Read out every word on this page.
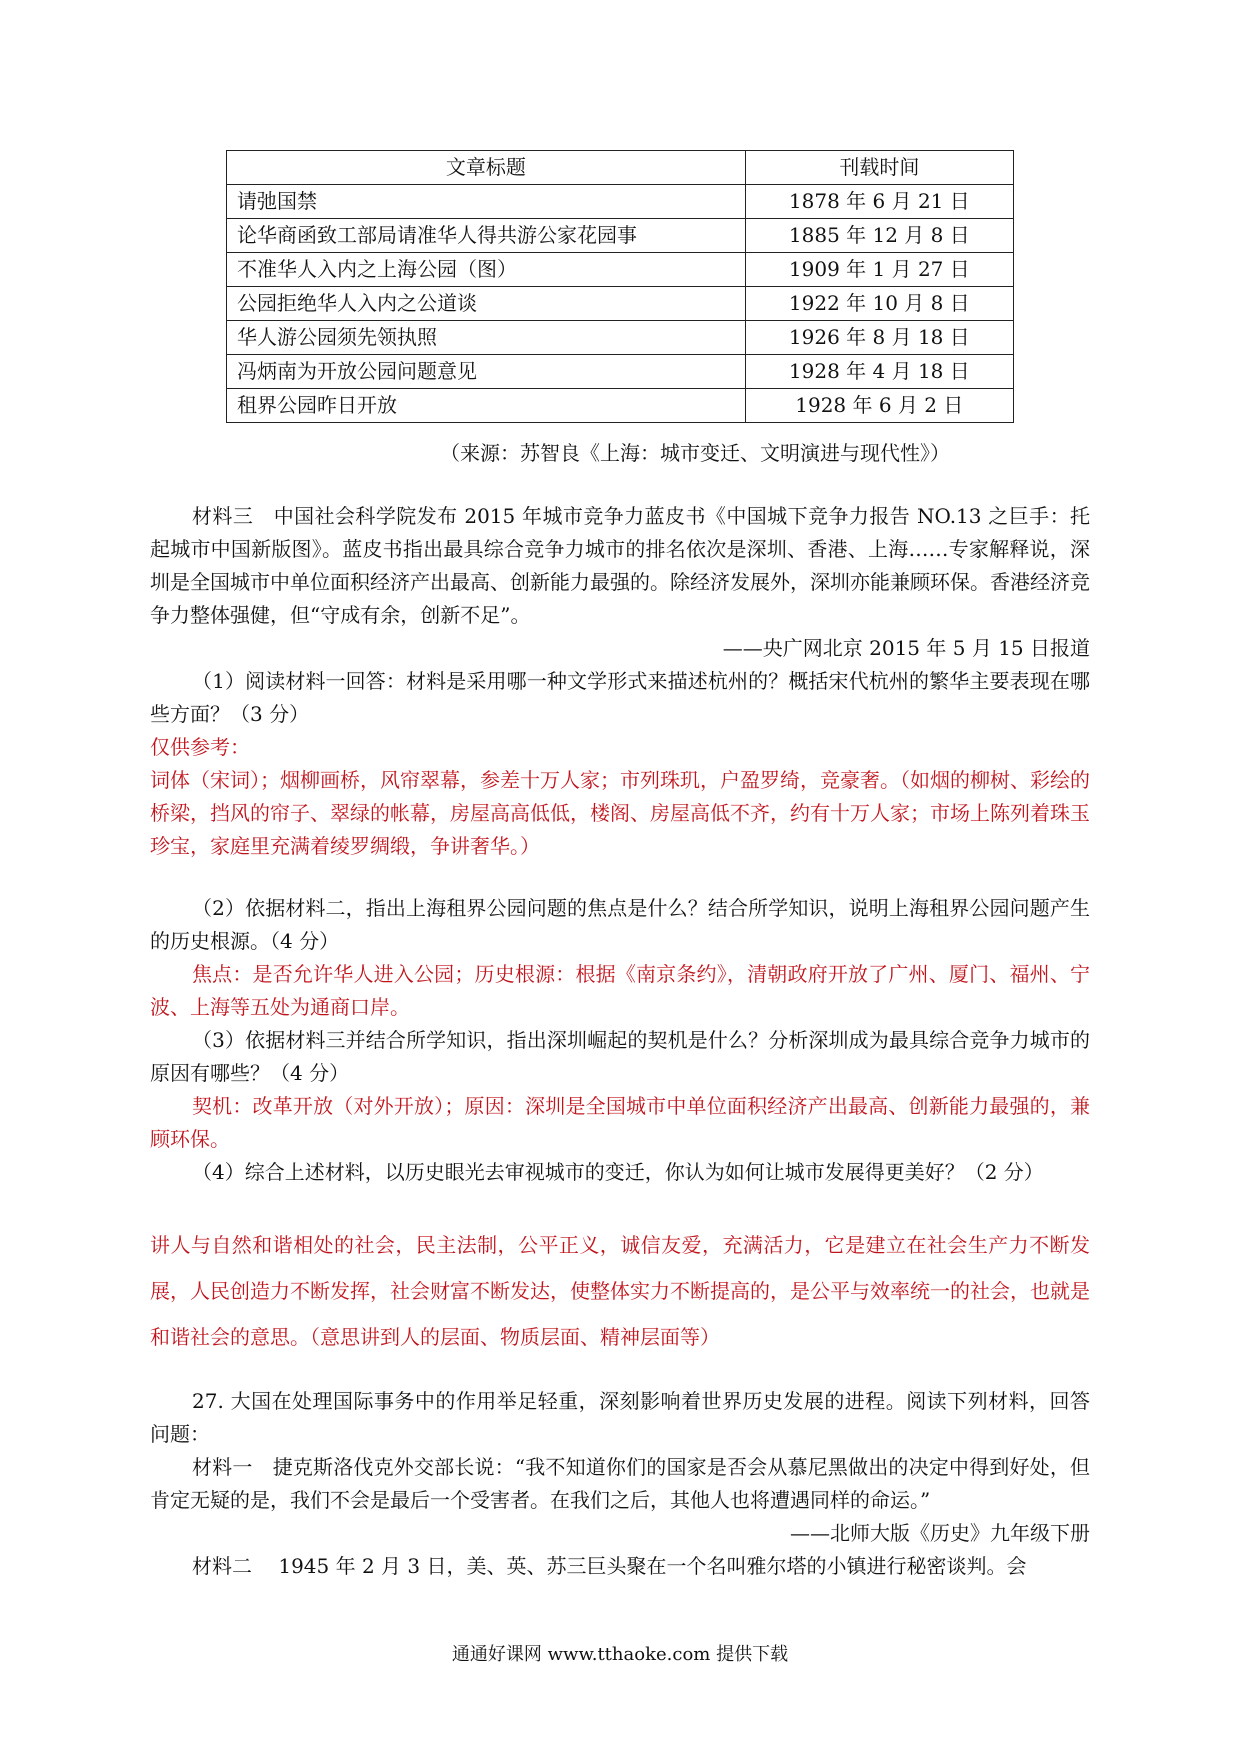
文章标题	刊载时间
请弛国禁	1878 年 6 月 21 日
论华商函致工部局请准华人得共游公家花园事	1885 年 12 月 8 日
不准华人入内之上海公园（图）	1909 年 1 月 27 日
公园拒绝华人入内之公道谈	1922 年 10 月 8 日
华人游公园须先领执照	1926 年 8 月 18 日
冯炳南为开放公园问题意见	1928 年 4 月 18 日
租界公园昨日开放	1928 年 6 月 2 日
（来源：苏智良《上海：城市变迁、文明演进与现代性》）
材料三　中国社会科学院发布 2015 年城市竞争力蓝皮书《中国城下竞争力报告 NO.13 之巨手：托起城市中国新版图》。蓝皮书指出最具综合竞争力城市的排名依次是深圳、香港、上海……专家解释说，深圳是全国城市中单位面积经济产出最高、创新能力最强的。除经济发展外，深圳亦能兼顾环保。香港经济竞争力整体强健，但“守成有余，创新不足”。
——央广网北京 2015 年 5 月 15 日报道
（1）阅读材料一回答：材料是采用哪一种文学形式来描述杭州的？概括宋代杭州的繁华主要表现在哪些方面？（3 分）
仅供参考：
词体（宋词）；烟柳画桥，风帘翠幕，参差十万人家；市列珠玑，户盈罗绮，竞豪奢。（如烟的柳树、彩绘的桥梁，挡风的帘子、翠绿的帐幕，房屋高高低低，楼阁、房屋高低不齐，约有十万人家；市场上陈列着珠玉珍宝，家庭里充满着绫罗绸缎，争讲奢华。）
（2）依据材料二，指出上海租界公园问题的焦点是什么？结合所学知识，说明上海租界公园问题产生的历史根源。（4 分）
焦点：是否允许华人进入公园；历史根源：根据《南京条约》，清朝政府开放了广州、厦门、福州、宁波、上海等五处为通商口岸。
（3）依据材料三并结合所学知识，指出深圳崛起的契机是什么？分析深圳成为最具综合竞争力城市的原因有哪些？（4 分）
契机：改革开放（对外开放）；原因：深圳是全国城市中单位面积经济产出最高、创新能力最强的，兼顾环保。
（4）综合上述材料，以历史眼光去审视城市的变迁，你认为如何让城市发展得更美好？（2 分）
讲人与自然和谐相处的社会，民主法制，公平正义，诚信友爱，充满活力，它是建立在社会生产力不断发展，人民创造力不断发挥，社会财富不断发达，使整体实力不断提高的，是公平与效率统一的社会，也就是和谐社会的意思。（意思讲到人的层面、物质层面、精神层面等）
27. 大国在处理国际事务中的作用举足轻重，深刻影响着世界历史发展的进程。阅读下列材料，回答问题：
材料一　捷克斯洛伐克外交部长说：“我不知道你们的国家是否会从慕尼黑做出的决定中得到好处，但肯定无疑的是，我们不会是最后一个受害者。在我们之后，其他人也将遭遇同样的命运。”
——北师大版《历史》九年级下册
材料二　 1945 年 2 月 3 日，美、英、苏三巨头聚在一个名叫雅尔塔的小镇进行秘密谈判。会
通通好课网 www.tthaoke.com 提供下载
